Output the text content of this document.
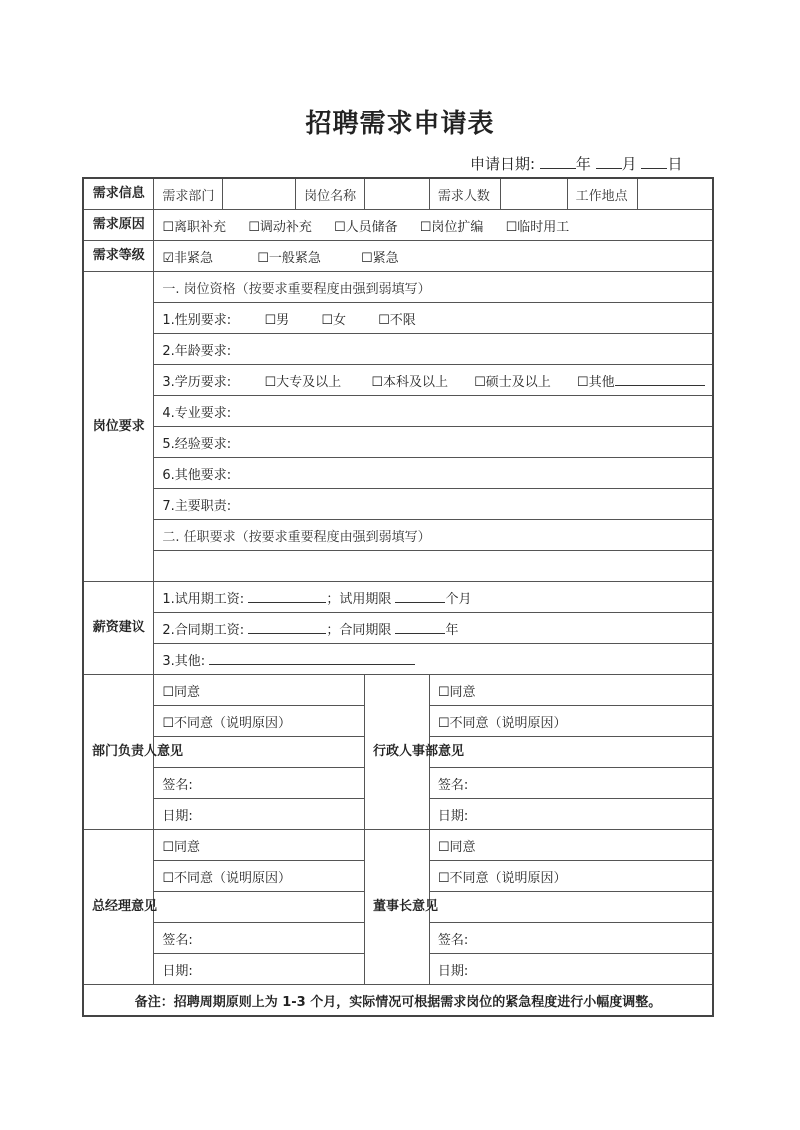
招聘需求申请表
申请日期:	年 月 日
需求信息	需求部门		岗位名称		需求人数		工作地点	
需求原因	☐离职补充 ☐调动补充 ☐人员储备 ☐岗位扩编 ☐临时用工							
需求等级	☑非紧急 ☐一般紧急 ☐紧急							
岗位要求	一. 岗位资格（按要求重要程度由强到弱填写）							
	1.性别要求: ☐男 ☐女 ☐不限							
	2.年龄要求:							
	3.学历要求: ☐大专及以上 ☐本科及以上 ☐硕士及以上 ☐其他							
	4.专业要求:							
	5.经验要求:							
	6.其他要求:							
	7.主要职责:							
	二. 任职要求（按要求重要程度由强到弱填写）							

薪资建议	1.试用期工资: ；试用期限 个月							
	2.合同期工资: ；合同期限 年							
	3.其他:							
部门负责人意见	☐同意			行政人事部意见	☐同意			
	☐不同意（说明原因）				☐不同意（说明原因）			

	签名:				签名:			
	日期:				日期:			
总经理意见	☐同意			董事长意见	☐同意			
	☐不同意（说明原因）				☐不同意（说明原因）			

	签名:				签名:			
	日期:				日期:			
备注：招聘周期原则上为 1-3 个月，实际情况可根据需求岗位的紧急程度进行小幅度调整。								
